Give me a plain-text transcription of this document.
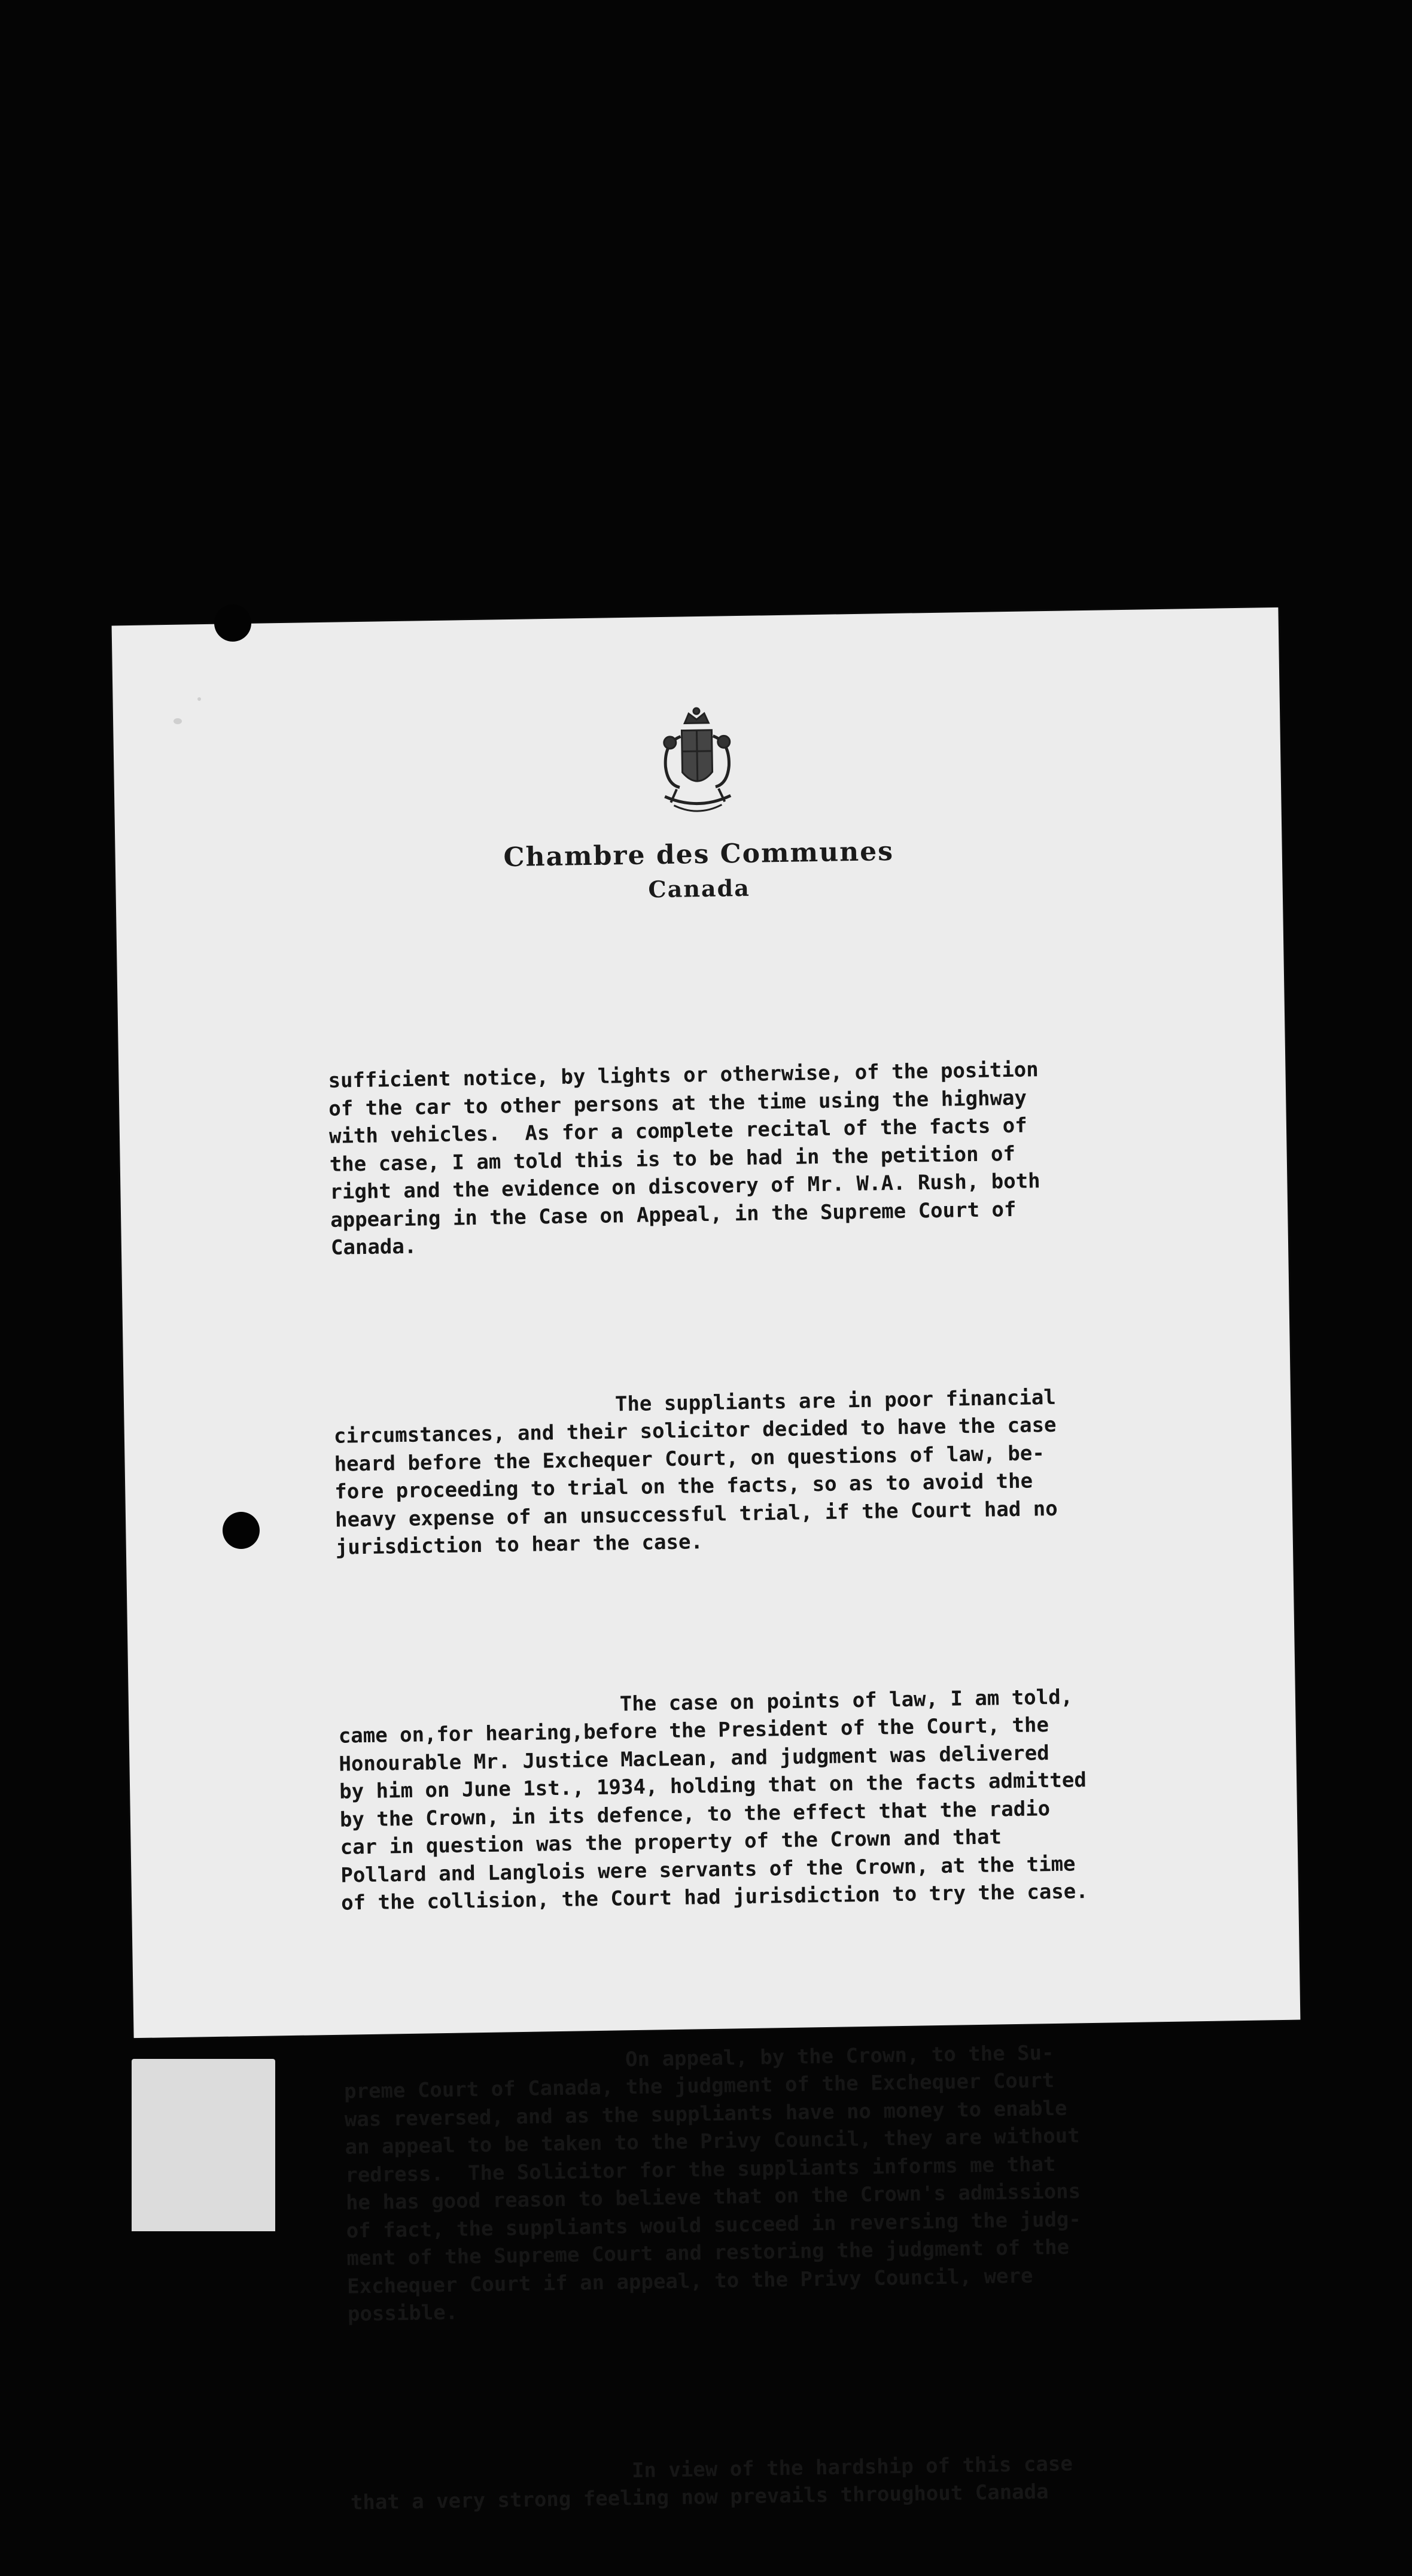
Chambre des Communes
Canada

sufficient notice, by lights or otherwise, of the position
of the car to other persons at the time using the highway
with vehicles.  As for a complete recital of the facts of
the case, I am told this is to be had in the petition of
right and the evidence on discovery of Mr. W.A. Rush, both
appearing in the Case on Appeal, in the Supreme Court of
Canada.

The suppliants are in poor financial
circumstances, and their solicitor decided to have the case
heard before the Exchequer Court, on questions of law, be-
fore proceeding to trial on the facts, so as to avoid the
heavy expense of an unsuccessful trial, if the Court had no
jurisdiction to hear the case.

The case on points of law, I am told,
came on,for hearing,before the President of the Court, the
Honourable Mr. Justice MacLean, and judgment was delivered
by him on June 1st., 1934, holding that on the facts admitted
by the Crown, in its defence, to the effect that the radio
car in question was the property of the Crown and that
Pollard and Langlois were servants of the Crown, at the time
of the collision, the Court had jurisdiction to try the case.

On appeal, by the Crown, to the Su-
preme Court of Canada, the judgment of the Exchequer Court
was reversed, and as the suppliants have no money to enable
an appeal to be taken to the Privy Council, they are without
redress.  The Solicitor for the suppliants informs me that
he has good reason to believe that on the Crown's admissions
of fact, the suppliants would succeed in reversing the judg-
ment of the Supreme Court and restoring the judgment of the
Exchequer Court if an appeal, to the Privy Council, were
possible.

In view of the hardship of this case
that a very strong feeling now prevails throughout Canada
